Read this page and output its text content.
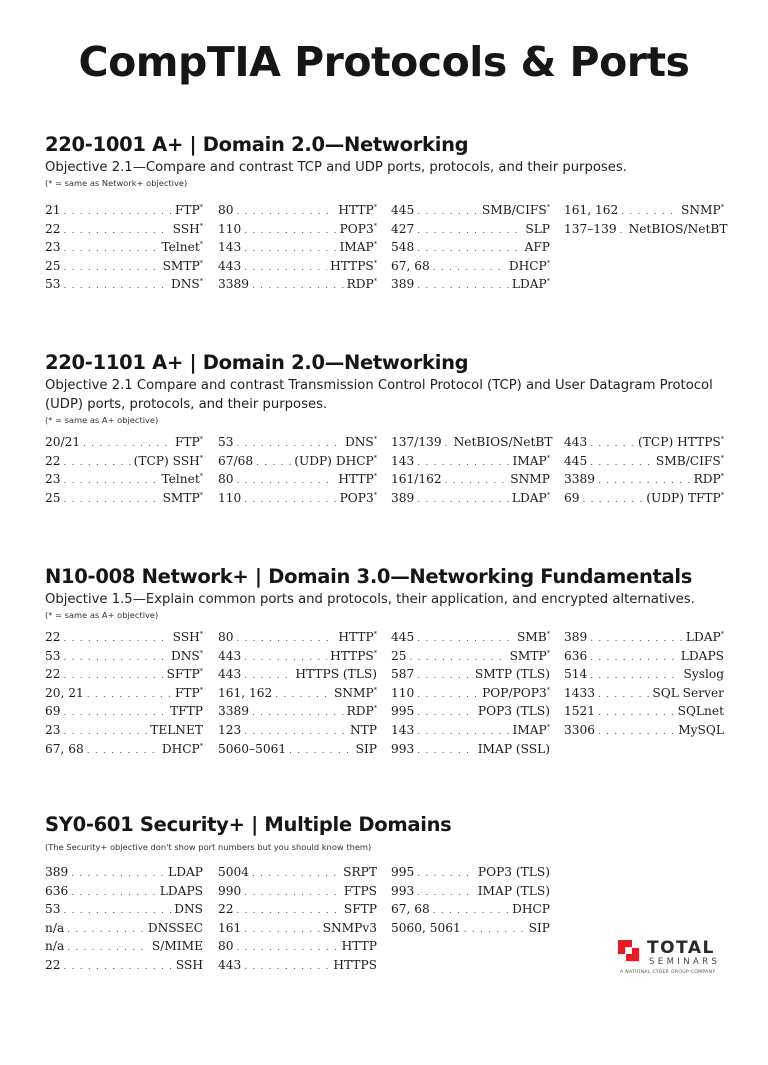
CompTIA Protocols & Ports
220-1001 A+ | Domain 2.0—Networking

Objective 2.1—Compare and contrast TCP and UDP ports, protocols, and their purposes.

(* = same as Network+ objective)

21 . . .	FTP*
22 . . .	SSH*
23 . . .	Telnet*
25 . . .	SMTP*
53 . . .	DNS*
80 . . .	HTTP*
110 . . .	POP3*
143 . . .	IMAP*
443 . . .	HTTPS*
3389 . . .	RDP*
445 . . .	SMB/CIFS*
427 . . .	SLP
548 . . .	AFP
67, 68 . . .	DHCP*
389 . . .	LDAP*
161, 162 . . .	SNMP*
137–139 . . . NetBIOS/NetBT
220-1101 A+ | Domain 2.0—Networking

Objective 2.1 Compare and contrast Transmission Control Protocol (TCP) and User Datagram Protocol (UDP) ports, protocols, and their purposes.

(* = same as A+ objective)

20/21 . . .	FTP*
22 . . .	(TCP) SSH*
23 . . .	Telnet*
25 . . .	SMTP*
53 . . .	DNS*
67/68 . . .	(UDP) DHCP*
80 . . .	HTTP*
110 . . .	POP3*
137/139 . . . NetBIOS/NetBT
143 . . .	IMAP*
161/162 . . .	SNMP
389 . . .	LDAP*
443 . . .	(TCP) HTTPS*
445 . . .	SMB/CIFS*
3389 . . .	RDP*
69 . . .	(UDP) TFTP*
N10-008 Network+ | Domain 3.0—Networking Fundamentals

Objective 1.5—Explain common ports and protocols, their application, and encrypted alternatives.

(* = same as A+ objective)

22 . . .	SSH*
53 . . .	DNS*
22 . . .	SFTP*
20, 21 . . .	FTP*
69 . . .	TFTP
23 . . .	TELNET
67, 68 . . .	DHCP*
80 . . .	HTTP*
443 . . .	HTTPS*
443 . . .	HTTPS (TLS)
161, 162 . . .	SNMP*
3389 . . .	RDP*
123 . . .	NTP
5060–5061 . . .	SIP
445 . . .	SMB*
25 . . .	SMTP*
587 . . .	SMTP (TLS)
110 . . .	POP/POP3*
995 . . .	POP3 (TLS)
143 . . .	IMAP*
993 . . .	IMAP (SSL)
389 . . .	LDAP*
636 . . .	LDAPS
514 . . .	Syslog
1433 . . .	SQL Server
1521 . . .	SQLnet
3306 . . .	MySQL
SY0-601 Security+ | Multiple Domains

(The Security+ objective don't show port numbers but you should know them)

389 . . .	LDAP
636 . . .	LDAPS
53 . . .	DNS
n/a . . .	DNSSEC
n/a . . .	S/MIME
22 . . .	SSH
5004 . . .	SRPT
990 . . .	FTPS
22 . . .	SFTP
161 . . .	SNMPv3
80 . . .	HTTP
443 . . .	HTTPS
995 . . .	POP3 (TLS)
993 . . .	IMAP (TLS)
67, 68 . . .	DHCP
5060, 5061 . . .	SIP
TOTAL
SEMINARS
A NATIONAL CYBER GROUP COMPANY
